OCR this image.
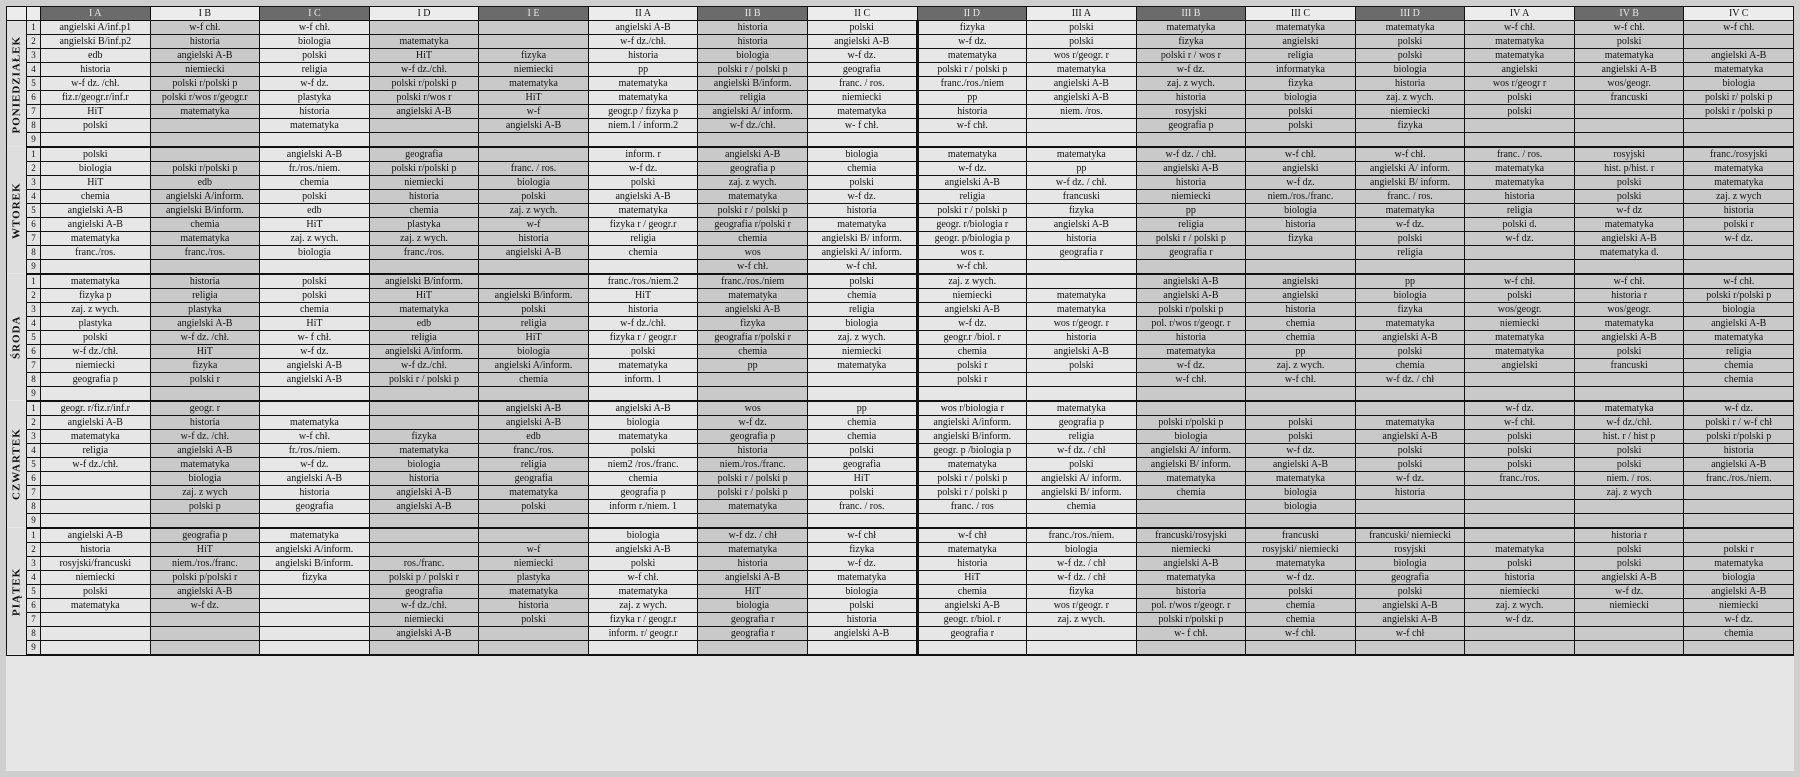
		I A	I B	I C	I D	I E	II A	II B	II C	II D	III A	III B	III C	III D	IV A	IV B	IV C
PONIEDZIAŁEK	1	angielski A/inf.p1	w-f chł.	w-f chł.			angielski A-B	historia	polski	fizyka	polski	matematyka	matematyka	matematyka	w-f chł.	w-f chł.	w-f chł.
	2	angielski B/inf.p2	historia	biologia	matematyka		w-f dz./chł.	historia	angielski A-B	w-f dz.	polski	fizyka	angielski	polski	matematyka	polski	
	3	edb	angielski A-B	polski	HiT	fizyka	historia	biologia	w-f dz.	matematyka	wos r/geogr. r	polski r / wos r	religia	polski	matematyka	matematyka	angielski A-B
	4	historia	niemiecki	religia	w-f dz./chł.	niemiecki	pp	polski r / polski p	geografia	polski r / polski p	matematyka	w-f dz.	informatyka	biologia	angielski	angielski A-B	matematyka
	5	w-f dz. /chł.	polski r/polski p	w-f dz.	polski r/polski p	matematyka	matematyka	angielski B/inform.	franc. / ros.	franc./ros./niem	angielski A-B	zaj. z wych.	fizyka	historia	wos r/geogr r	wos/geogr.	biologia
	6	fiz.r/geogr.r/inf.r	polski r/wos r/geogr.r	plastyka	polski r/wos r	HiT	matematyka	religia	niemiecki	pp	angielski A-B	historia	biologia	zaj. z wych.	polski	francuski	polski r/ polski p
	7	HiT	matematyka	historia	angielski A-B	w-f	geogr.p / fizyka p	angielski A/ inform.	matematyka	historia	niem. /ros.	rosyjski	polski	niemiecki	polski		polski r /polski p
	8	polski		matematyka		angielski A-B	niem.1 / inform.2	w-f dz./chł.	w- f chł.	w-f chł.		geografia p	polski	fizyka			
	9																
WTOREK	1	polski		angielski A-B	geografia		inform. r	angielski A-B	biologia	matematyka	matematyka	w-f dz. / chł.	w-f chł.	w-f chł.	franc. / ros.	rosyjski	franc./rosyjski
	2	biologia	polski r/polski p	fr./ros./niem.	polski r/polski p	franc. / ros.	w-f dz.	geografia p	chemia	w-f dz.	pp	angielski A-B	angielski	angielski A/ inform.	matematyka	hist. p/hist. r	matematyka
	3	HiT	edb	chemia	niemiecki	biologia	polski	zaj. z wych.	polski	angielski A-B	w-f dz. / chł.	historia	w-f dz.	angielski B/ inform.	matematyka	polski	matematyka
	4	chemia	angielski A/inform.	polski	historia	polski	angielski A-B	matematyka	w-f dz.	religia	francuski	niemiecki	niem./ros./franc.	franc. / ros.	historia	polski	zaj. z wych
	5	angielski A-B	angielski B/inform.	edb	chemia	zaj. z wych.	matematyka	polski r / polski p	historia	polski r / polski p	fizyka	pp	biologia	matematyka	religia	w-f dz	historia
	6	angielski A-B	chemia	HiT	plastyka	w-f	fizyka r / geogr.r	geografia r/polski r	matematyka	geogr. r/biologia r	angielski A-B	religia	historia	w-f dz.	polski d.	matematyka	polski r
	7	matematyka	matematyka	zaj. z wych.	zaj. z wych.	historia	religia	chemia	angielski B/ inform.	geogr. p/biologia p	historia	polski r / polski p	fizyka	polski	w-f dz.	angielski A-B	w-f dz.
	8	franc./ros.	franc./ros.	biologia	franc./ros.	angielski A-B	chemia	wos	angielski A/ inform.	wos r.	geografia r	geografia r		religia		matematyka d.	
	9							w-f chł.	w-f chł.	w-f chł.							
ŚRODA	1	matematyka	historia	polski	angielski B/inform.		franc./ros./niem.2	franc./ros./niem	polski	zaj. z wych.		angielski A-B	angielski	pp	w-f chł.	w-f chł.	w-f chł.
	2	fizyka p	religia	polski	HiT	angielski B/inform.	HiT	matematyka	chemia	niemiecki	matematyka	angielski A-B	angielski	biologia	polski	historia r	polski r/polski p
	3	zaj. z wych.	plastyka	chemia	matematyka	polski	historia	angielski A-B	religia	angielski A-B	matematyka	polski r/polski p	historia	fizyka	wos/geogr.	wos/geogr.	biologia
	4	plastyka	angielski A-B	HiT	edb	religia	w-f dz./chł.	fizyka	biologia	w-f dz.	wos r/geogr. r	pol. r/wos r/geogr. r	chemia	matematyka	niemiecki	matematyka	angielski A-B
	5	polski	w-f dz. /chł.	w- f chł.	religia	HiT	fizyka r / geogr.r	geografia r/polski r	zaj. z wych.	geogr.r /biol. r	historia	historia	chemia	angielski A-B	matematyka	angielski A-B	matematyka
	6	w-f dz./chł.	HiT	w-f dz.	angielski A/inform.	biologia	polski	chemia	niemiecki	chemia	angielski A-B	matematyka	pp	polski	matematyka	polski	religia
	7	niemiecki	fizyka	angielski A-B	w-f dz./chł.	angielski A/inform.	matematyka	pp	matematyka	polski r	polski	w-f dz.	zaj. z wych.	chemia	angielski	francuski	chemia
	8	geografia p	polski r	angielski A-B	polski r / polski p	chemia	inform. 1			polski r		w-f chł.	w-f chł.	w-f dz. / chł			chemia
	9																
CZWARTEK	1	geogr. r/fiz.r/inf.r	geogr. r			angielski A-B	angielski A-B	wos	pp	wos r/biologia r	matematyka				w-f dz.	matematyka	w-f dz.
	2	angielski A-B	historia	matematyka		angielski A-B	biologia	w-f dz.	chemia	angielski A/inform.	geografia p	polski r/polski p	polski	matematyka	w-f chł.	w-f dz./chł.	polski r / w-f chł
	3	matematyka	w-f dz. /chł.	w-f chł.	fizyka	edb	matematyka	geografia p	chemia	angielski B/inform.	religia	biologia	polski	angielski A-B	polski	hist. r / hist p	polski r/polski p
	4	religia	angielski A-B	fr./ros./niem.	matematyka	franc./ros.	polski	historia	polski	geogr. p /biologia p	w-f dz. / chł	angielski A/ inform.	w-f dz.	polski	polski	polski	historia
	5	w-f dz./chł.	matematyka	w-f dz.	biologia	religia	niem2 /ros./franc.	niem./ros./franc.	geografia	matematyka	polski	angielski B/ inform.	angielski A-B	polski	polski	polski	angielski A-B
	6		biologia	angielski A-B	historia	geografia	chemia	polski r / polski p	HiT	polski r / polski p	angielski A/ inform.	matematyka	matematyka	w-f dz.	franc./ros.	niem. / ros.	franc./ros./niem.
	7		zaj. z wych	historia	angielski A-B	matematyka	geografia p	polski r / polski p	polski	polski r / polski p	angielski B/ inform.	chemia	biologia	historia		zaj. z wych	
	8		polski p	geografia	angielski A-B	polski	inform r./niem. 1	matematyka	franc. / ros.	franc. / ros	chemia		biologia				
	9																
PIĄTEK	1	angielski A-B	geografia p	matematyka			biologia	w-f dz. / chł	w-f chł	w-f chł	franc./ros./niem.	francuski/rosyjski	francuski	francuski/ niemiecki		historia r	
	2	historia	HiT	angielski A/inform.		w-f	angielski A-B	matematyka	fizyka	matematyka	biologia	niemiecki	rosyjski/ niemiecki	rosyjski	matematyka	polski	polski r
	3	rosyjski/francuski	niem./ros./franc.	angielski B/inform.	ros./franc.	niemiecki	polski	historia	w-f dz.	historia	w-f dz. / chł	angielski A-B	matematyka	biologia	polski	polski	matematyka
	4	niemiecki	polski p/polski r	fizyka	polski p / polski r	plastyka	w-f chł.	angielski A-B	matematyka	HiT	w-f dz. / chł	matematyka	w-f dz.	geografia	historia	angielski A-B	biologia
	5	polski	angielski A-B		geografia	matematyka	matematyka	HiT	biologia	chemia	fizyka	historia	polski	polski	niemiecki	w-f dz.	angielski A-B
	6	matematyka	w-f dz.		w-f dz./chł.	historia	zaj. z wych.	biologia	polski	angielski A-B	wos r/geogr. r	pol. r/wos r/geogr. r	chemia	angielski A-B	zaj. z wych.	niemiecki	niemiecki
	7				niemiecki	polski	fizyka r / geogr.r	geografia r	historia	geogr. r/biol. r	zaj. z wych.	polski r/polski p	chemia	angielski A-B	w-f dz.		w-f dz.
	8				angielski A-B		inform. r/ geogr.r	geografia r	angielski A-B	geografia r		w- f chł.	w-f chł.	w-f chł			chemia
	9																
